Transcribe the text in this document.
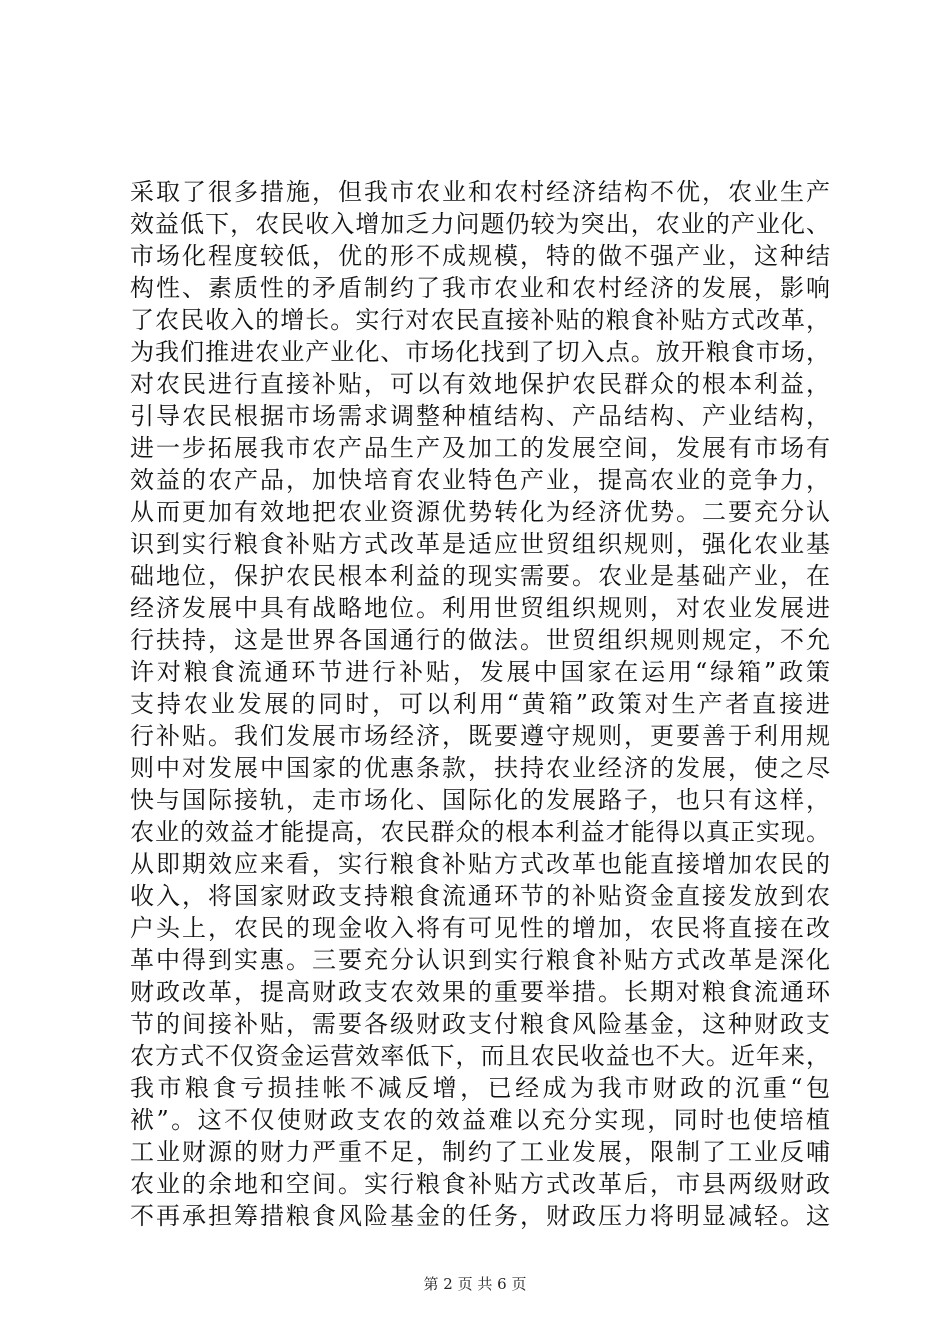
采取了很多措施，但我市农业和农村经济结构不优，农业生产
效益低下，农民收入增加乏力问题仍较为突出，农业的产业化、
市场化程度较低，优的形不成规模，特的做不强产业，这种结
构性、素质性的矛盾制约了我市农业和农村经济的发展，影响
了农民收入的增长。实行对农民直接补贴的粮食补贴方式改革，
为我们推进农业产业化、市场化找到了切入点。放开粮食市场，
对农民进行直接补贴，可以有效地保护农民群众的根本利益，
引导农民根据市场需求调整种植结构、产品结构、产业结构，
进一步拓展我市农产品生产及加工的发展空间，发展有市场有
效益的农产品，加快培育农业特色产业，提高农业的竞争力，
从而更加有效地把农业资源优势转化为经济优势。二要充分认
识到实行粮食补贴方式改革是适应世贸组织规则，强化农业基
础地位，保护农民根本利益的现实需要。农业是基础产业，在
经济发展中具有战略地位。利用世贸组织规则，对农业发展进
行扶持，这是世界各国通行的做法。世贸组织规则规定，不允
许对粮食流通环节进行补贴，发展中国家在运用“绿箱”政策
支持农业发展的同时，可以利用“黄箱”政策对生产者直接进
行补贴。我们发展市场经济，既要遵守规则，更要善于利用规
则中对发展中国家的优惠条款，扶持农业经济的发展，使之尽
快与国际接轨，走市场化、国际化的发展路子，也只有这样，
农业的效益才能提高，农民群众的根本利益才能得以真正实现。
从即期效应来看，实行粮食补贴方式改革也能直接增加农民的
收入，将国家财政支持粮食流通环节的补贴资金直接发放到农
户头上，农民的现金收入将有可见性的增加，农民将直接在改
革中得到实惠。三要充分认识到实行粮食补贴方式改革是深化
财政改革，提高财政支农效果的重要举措。长期对粮食流通环
节的间接补贴，需要各级财政支付粮食风险基金，这种财政支
农方式不仅资金运营效率低下，而且农民收益也不大。近年来，
我市粮食亏损挂帐不减反增，已经成为我市财政的沉重“包
袱”。这不仅使财政支农的效益难以充分实现，同时也使培植
工业财源的财力严重不足，制约了工业发展，限制了工业反哺
农业的余地和空间。实行粮食补贴方式改革后，市县两级财政
不再承担筹措粮食风险基金的任务，财政压力将明显减轻。这
第 2 页 共 6 页
